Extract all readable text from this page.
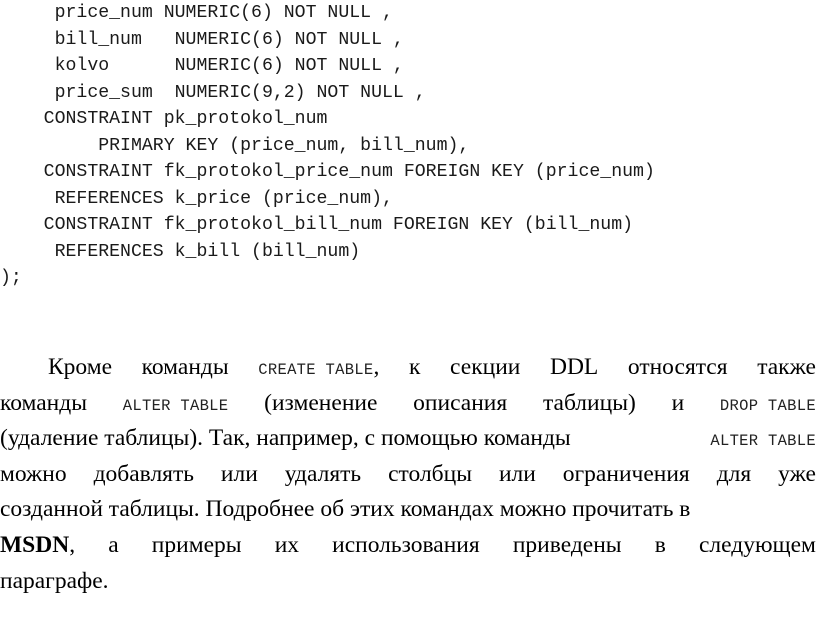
price_num NUMERIC(6) NOT NULL ,
bill_num   NUMERIC(6) NOT NULL ,
kolvo      NUMERIC(6) NOT NULL ,
price_sum  NUMERIC(9,2) NOT NULL ,
CONSTRAINT pk_protokol_num
PRIMARY KEY (price_num, bill_num),
CONSTRAINT fk_protokol_price_num FOREIGN KEY (price_num)
REFERENCES k_price (price_num),
CONSTRAINT fk_protokol_bill_num FOREIGN KEY (bill_num)
REFERENCES k_bill (bill_num)
);
Кроме команды CREATE TABLE, к секции DDL относятся также
команды ALTER TABLE (изменение описания таблицы) и DROP TABLE
(удаление таблицы). Так, например, с помощью команды	ALTER TABLE
можно добавлять или удалять столбцы или ограничения для уже
созданной таблицы. Подробнее об этих командах можно прочитать в
MSDN, а примеры их использования приведены в следующем
параграфе.
